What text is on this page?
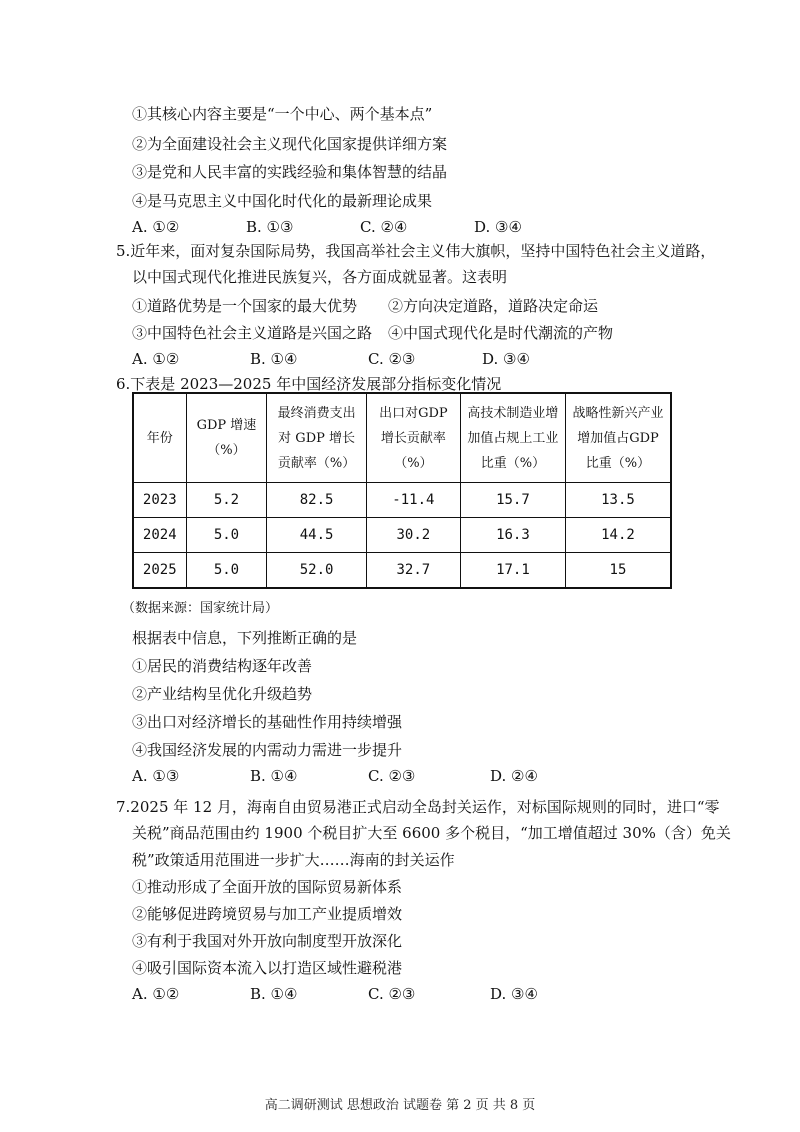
①其核心内容主要是“一个中心、两个基本点”
②为全面建设社会主义现代化国家提供详细方案
③是党和人民丰富的实践经验和集体智慧的结晶
④是马克思主义中国化时代化的最新理论成果
A. ①②	B. ①③	C. ②④	D. ③④
5.近年来，面对复杂国际局势，我国高举社会主义伟大旗帜，坚持中国特色社会主义道路，
以中国式现代化推进民族复兴，各方面成就显著。这表明
①道路优势是一个国家的最大优势 ②方向决定道路，道路决定命运
③中国特色社会主义道路是兴国之路 ④中国式现代化是时代潮流的产物
A. ①②	B. ①④	C. ②③	D. ③④
6.下表是 2023—2025 年中国经济发展部分指标变化情况
年份	GDP 增速（%）	最终消费支出对 GDP 增长贡献率（%）	出口对GDP增长贡献率（%）	高技术制造业增加值占规上工业比重（%）	战略性新兴产业增加值占GDP比重（%）
2023	5.2	82.5	-11.4	15.7	13.5
2024	5.0	44.5	30.2	16.3	14.2
2025	5.0	52.0	32.7	17.1	15
（数据来源：国家统计局）
根据表中信息，下列推断正确的是
①居民的消费结构逐年改善
②产业结构呈优化升级趋势
③出口对经济增长的基础性作用持续增强
④我国经济发展的内需动力需进一步提升
A. ①③	B. ①④	C. ②③	D. ②④
7.2025 年 12 月，海南自由贸易港正式启动全岛封关运作，对标国际规则的同时，进口“零
关税”商品范围由约 1900 个税目扩大至 6600 多个税目，“加工增值超过 30%（含）免关
税”政策适用范围进一步扩大……海南的封关运作
①推动形成了全面开放的国际贸易新体系
②能够促进跨境贸易与加工产业提质增效
③有利于我国对外开放向制度型开放深化
④吸引国际资本流入以打造区域性避税港
A. ①②	B. ①④	C. ②③	D. ③④
高二调研测试 思想政治 试题卷 第 2 页 共 8 页
